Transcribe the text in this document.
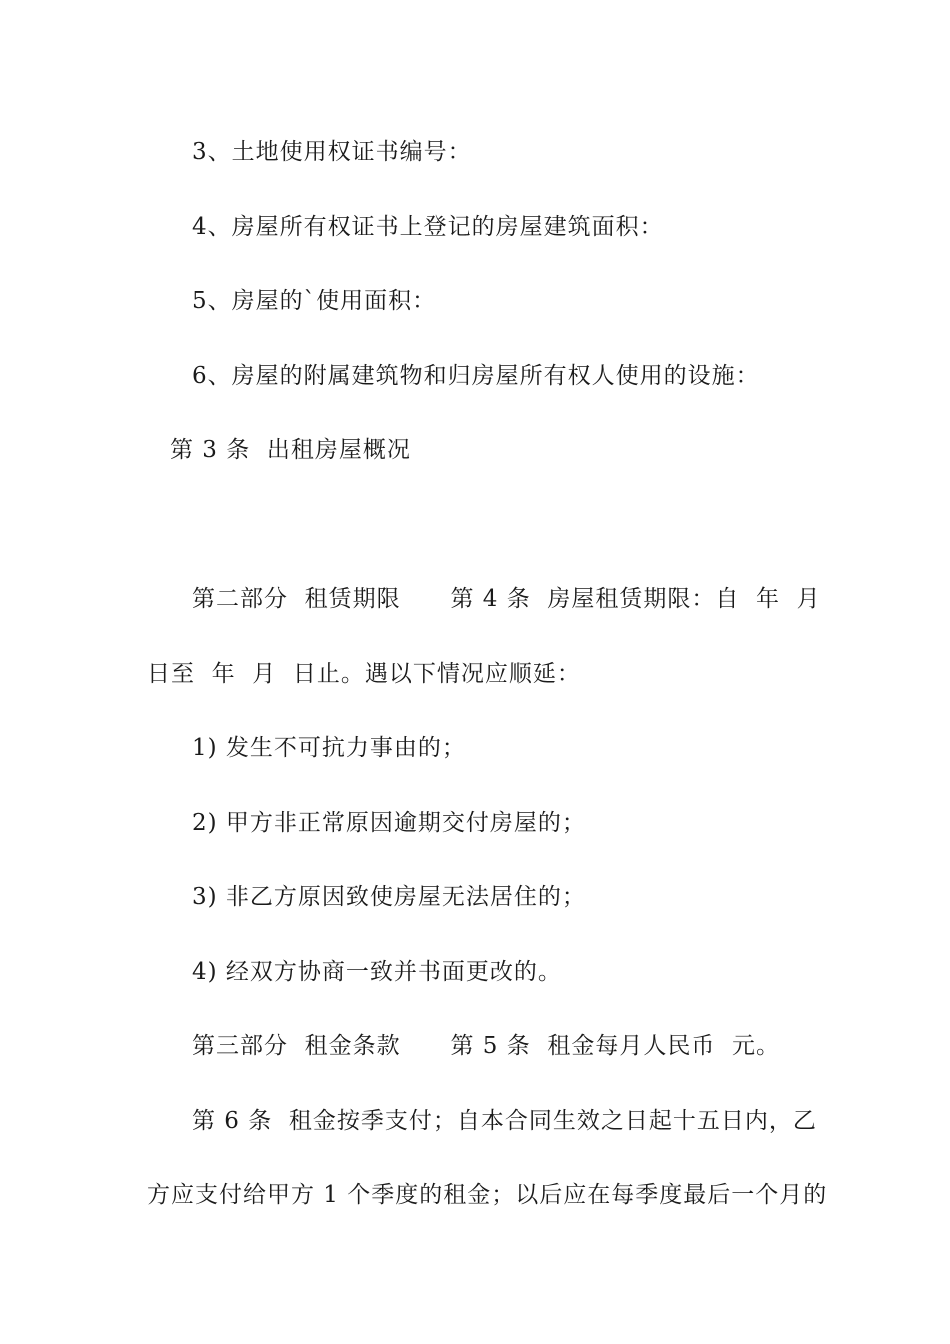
3、土地使用权证书编号：
4、房屋所有权证书上登记的房屋建筑面积：
5、房屋的`使用面积：
6、房屋的附属建筑物和归房屋所有权人使用的设施：
第 3 条  出租房屋概况
第二部分  租赁期限      第 4 条  房屋租赁期限：自  年  月
日至  年  月  日止。遇以下情况应顺延：
1) 发生不可抗力事由的；
2) 甲方非正常原因逾期交付房屋的；
3) 非乙方原因致使房屋无法居住的；
4) 经双方协商一致并书面更改的。
第三部分  租金条款      第 5 条  租金每月人民币  元。
第 6 条  租金按季支付；自本合同生效之日起十五日内，乙
方应支付给甲方 1 个季度的租金；以后应在每季度最后一个月的
